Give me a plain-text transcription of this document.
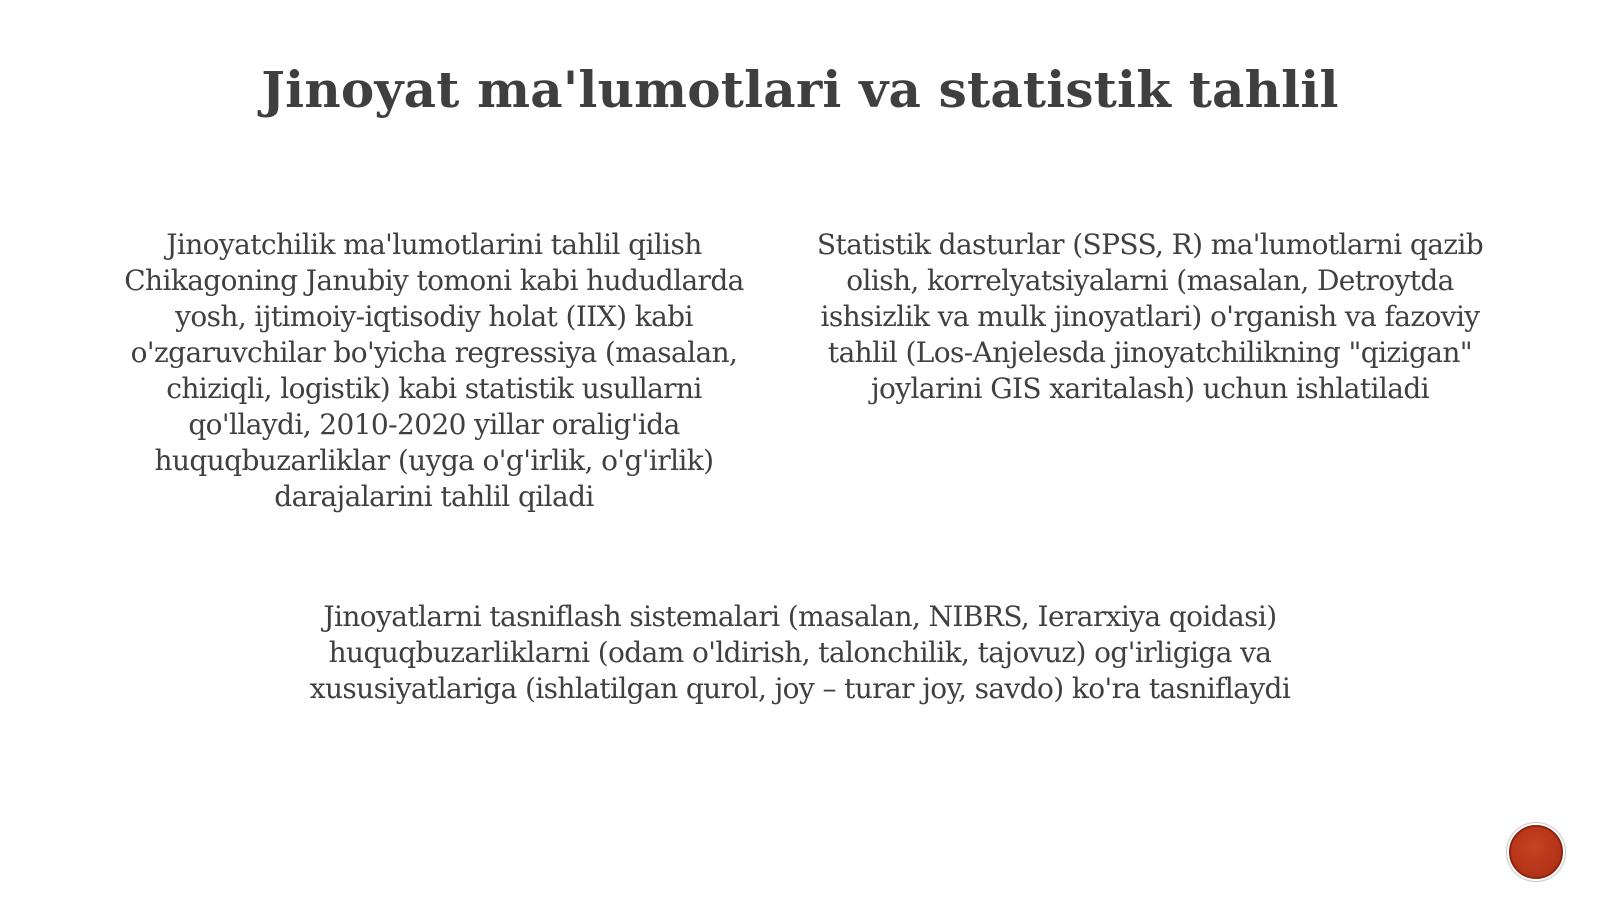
Jinoyat ma'lumotlari va statistik tahlil

Jinoyatchilik ma'lumotlarini tahlil qilish Chikagoning Janubiy tomoni kabi hududlarda yosh, ijtimoiy-iqtisodiy holat (IIX) kabi o'zgaruvchilar bo'yicha regressiya (masalan, chiziqli, logistik) kabi statistik usullarni qo'llaydi, 2010-2020 yillar oralig'ida huquqbuzarliklar (uyga o'g'irlik, o'g'irlik) darajalarini tahlil qiladi

Statistik dasturlar (SPSS, R) ma'lumotlarni qazib olish, korrelyatsiyalarni (masalan, Detroytda ishsizlik va mulk jinoyatlari) o'rganish va fazoviy tahlil (Los-Anjelesda jinoyatchilikning "qizigan" joylarini GIS xaritalash) uchun ishlatiladi

Jinoyatlarni tasniflash sistemalari (masalan, NIBRS, Ierarxiya qoidasi) huquqbuzarliklarni (odam o'ldirish, talonchilik, tajovuz) og'irligiga va xususiyatlariga (ishlatilgan qurol, joy – turar joy, savdo) ko'ra tasniflaydi
